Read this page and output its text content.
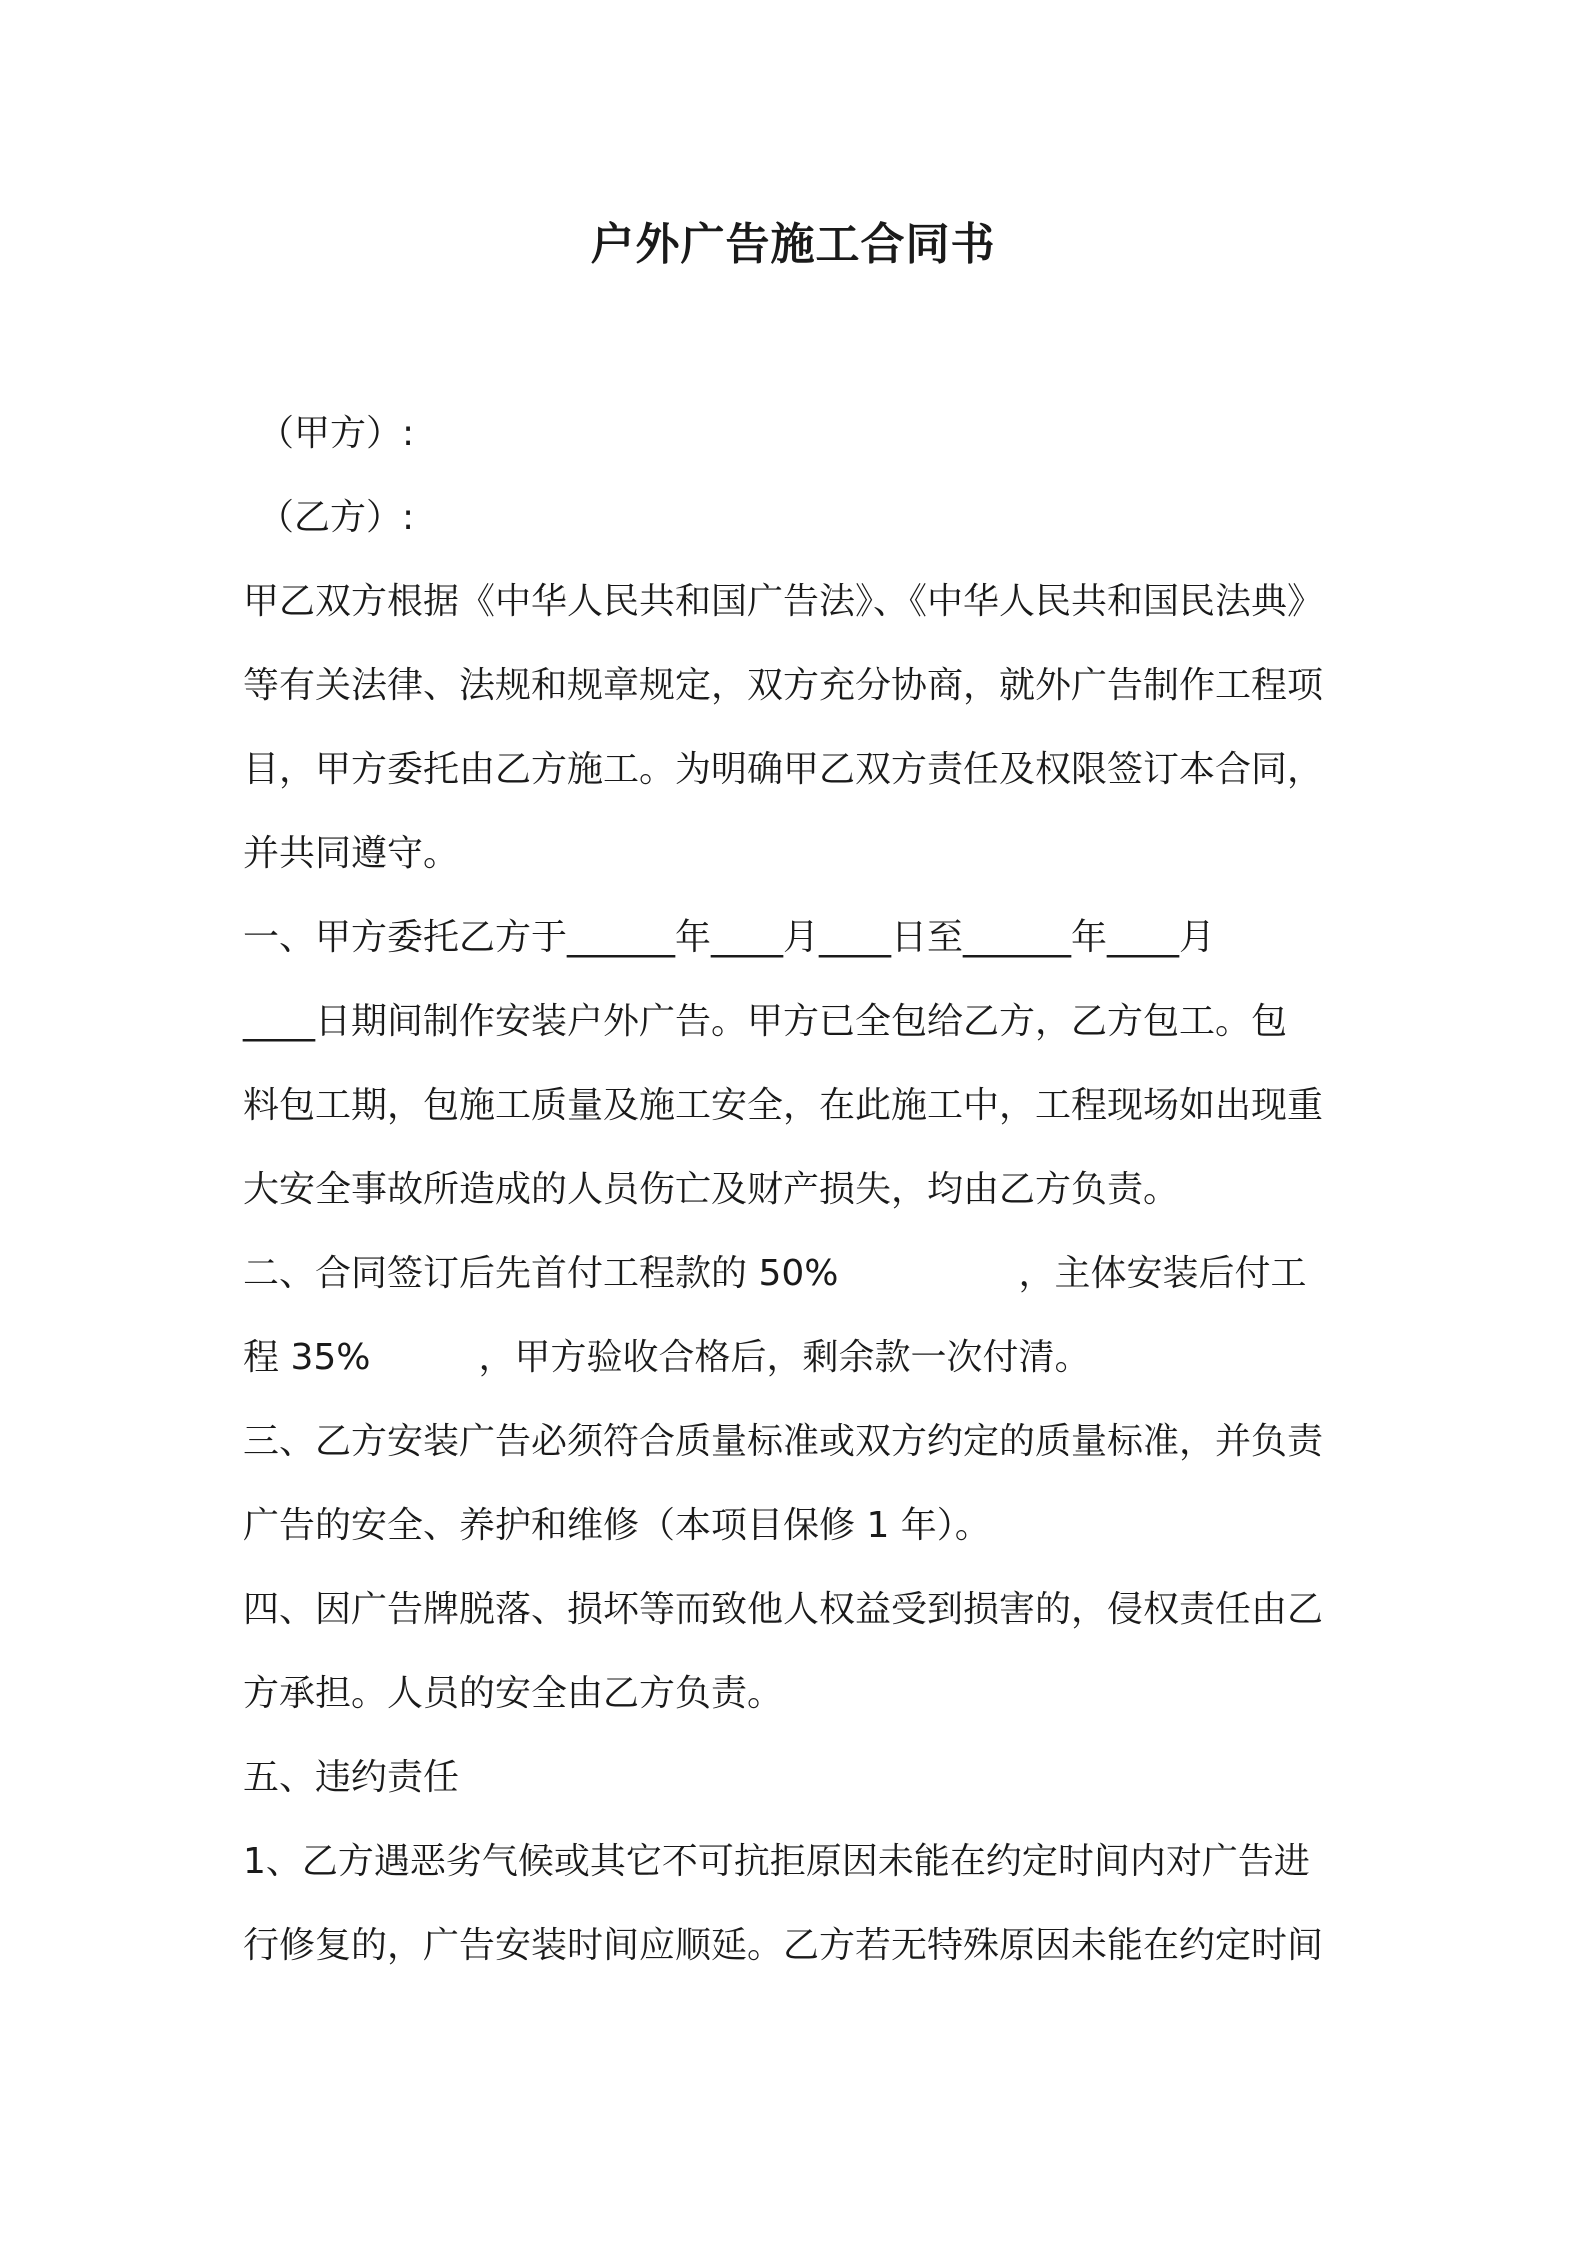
户外广告施工合同书

（甲方）:

（乙方）:

甲乙双方根据《中华人民共和国广告法》、《中华人民共和国民法典》

等有关法律、法规和规章规定，双方充分协商，就外广告制作工程项

目，甲方委托由乙方施工。为明确甲乙双方责任及权限签订本合同，

并共同遵守。

一、甲方委托乙方于______年____月____日至______年____月

____日期间制作安装户外广告。甲方已全包给乙方，乙方包工。包

料包工期，包施工质量及施工安全，在此施工中，工程现场如出现重

大安全事故所造成的人员伤亡及财产损失，均由乙方负责。

二、合同签订后先首付工程款的 50%　　　　　，主体安装后付工

程 35%　　　，甲方验收合格后，剩余款一次付清。

三、乙方安装广告必须符合质量标准或双方约定的质量标准，并负责

广告的安全、养护和维修（本项目保修 1 年）。

四、因广告牌脱落、损坏等而致他人权益受到损害的，侵权责任由乙

方承担。人员的安全由乙方负责。

五、违约责任

1、乙方遇恶劣气候或其它不可抗拒原因未能在约定时间内对广告进

行修复的，广告安装时间应顺延。乙方若无特殊原因未能在约定时间
